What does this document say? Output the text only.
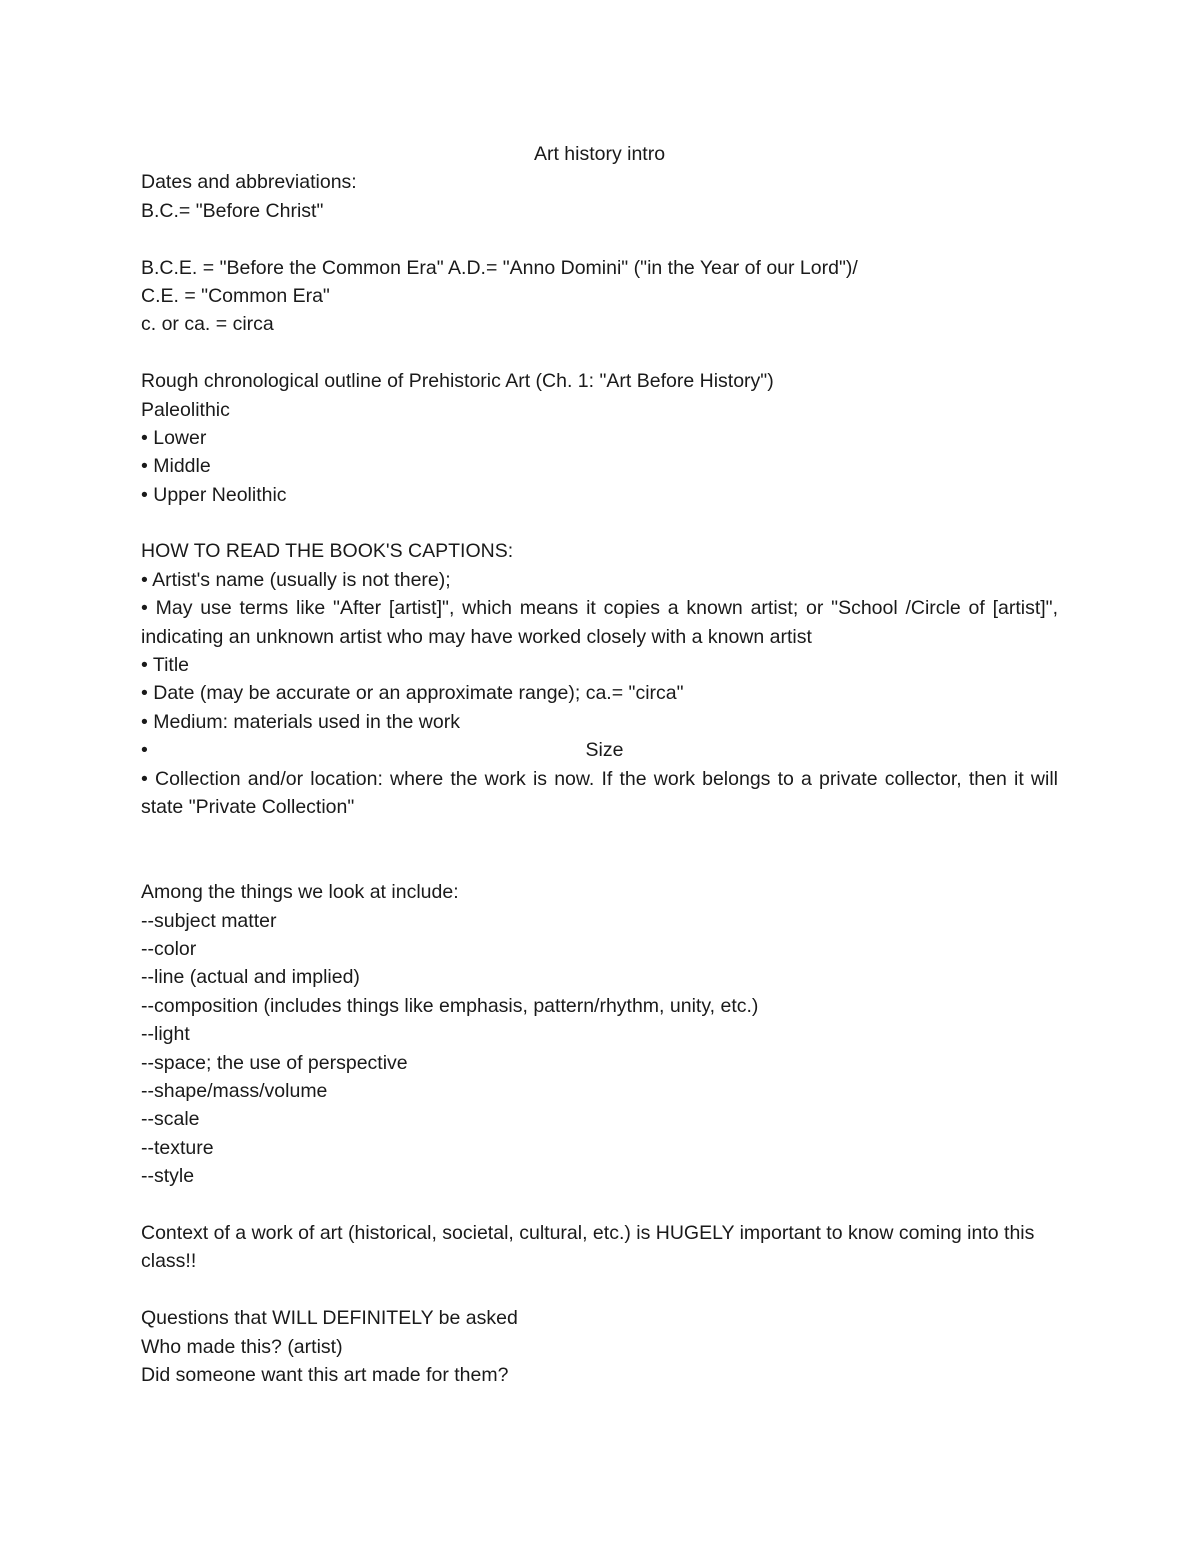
Art history intro
Dates and abbreviations:
B.C.= "Before Christ"
B.C.E. = "Before the Common Era" A.D.= "Anno Domini" ("in the Year of our Lord")/
C.E. = "Common Era"
c. or ca. = circa
Rough chronological outline of Prehistoric Art (Ch. 1: "Art Before History")
Paleolithic
• Lower
• Middle
• Upper Neolithic
HOW TO READ THE BOOK'S CAPTIONS:
• Artist's name (usually is not there);
• May use terms like "After [artist]", which means it copies a known artist; or "School /Circle of [artist]", indicating an unknown artist who may have worked closely with a known artist
• Title
• Date (may be accurate or an approximate range); ca.= "circa"
• Medium: materials used in the work
•	Size
• Collection and/or location: where the work is now. If the work belongs to a private collector, then it will state "Private Collection"
Among the things we look at include:
--subject matter
--color
--line (actual and implied)
--composition (includes things like emphasis, pattern/rhythm, unity, etc.)
--light
--space; the use of perspective
--shape/mass/volume
--scale
--texture
--style
Context of a work of art (historical, societal, cultural, etc.) is HUGELY important to know coming into this class!!
Questions that WILL DEFINITELY be asked
Who made this? (artist)
Did someone want this art made for them?
